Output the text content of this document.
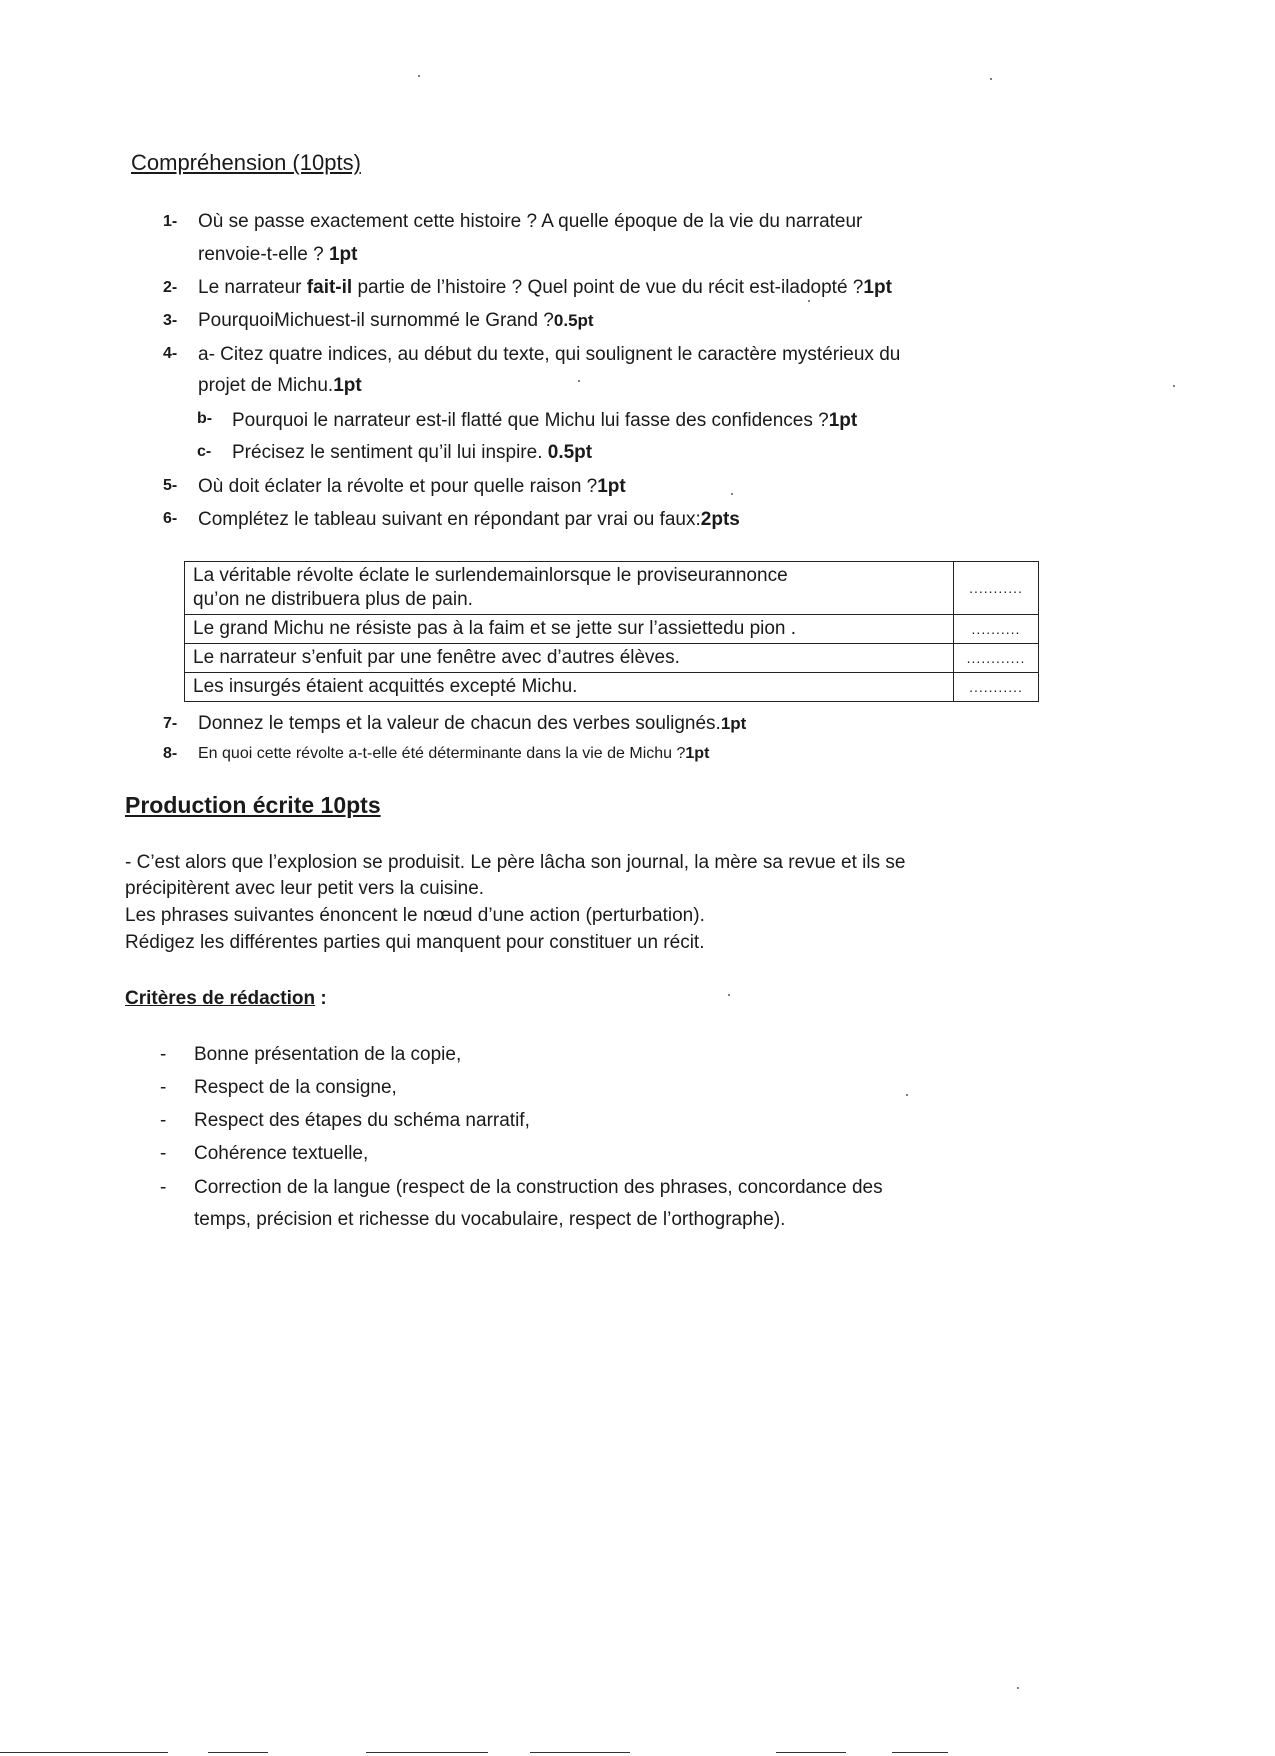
Compréhension (10pts)
1- Où se passe exactement cette histoire ? A quelle époque de la vie du narrateur
renvoie-t-elle ? 1pt
2- Le narrateur fait-il partie de l’histoire ? Quel point de vue du récit est-iladopté ?1pt
3- PourquoiMichuest-il surnommé le Grand ?0.5pt
4- a- Citez quatre indices, au début du texte, qui soulignent le caractère mystérieux du
projet de Michu.1pt
b- Pourquoi le narrateur est-il flatté que Michu lui fasse des confidences ?1pt
c- Précisez le sentiment qu’il lui inspire. 0.5pt
5- Où doit éclater la révolte et pour quelle raison ?1pt
6- Complétez le tableau suivant en répondant par vrai ou faux:2pts
La véritable révolte éclate le surlendemainlorsque le proviseurannonce
qu’on ne distribuera plus de pain.	...........

Le grand Michu ne résiste pas à la faim et se jette sur l’assiettedu pion .	..........

Le narrateur s’enfuit par une fenêtre avec d’autres élèves.	............

Les insurgés étaient acquittés excepté Michu.	...........
7- Donnez le temps et la valeur de chacun des verbes soulignés.1pt
8- En quoi cette révolte a-t-elle été déterminante dans la vie de Michu ?1pt
Production écrite 10pts
- C’est alors que l’explosion se produisit. Le père lâcha son journal, la mère sa revue et ils se
précipitèrent avec leur petit vers la cuisine.
Les phrases suivantes énoncent le nœud d’une action (perturbation).
Rédigez les différentes parties qui manquent pour constituer un récit.
Critères de rédaction :
- Bonne présentation de la copie,
- Respect de la consigne,
- Respect des étapes du schéma narratif,
- Cohérence textuelle,
- Correction de la langue (respect de la construction des phrases, concordance des
temps, précision et richesse du vocabulaire, respect de l’orthographe).
